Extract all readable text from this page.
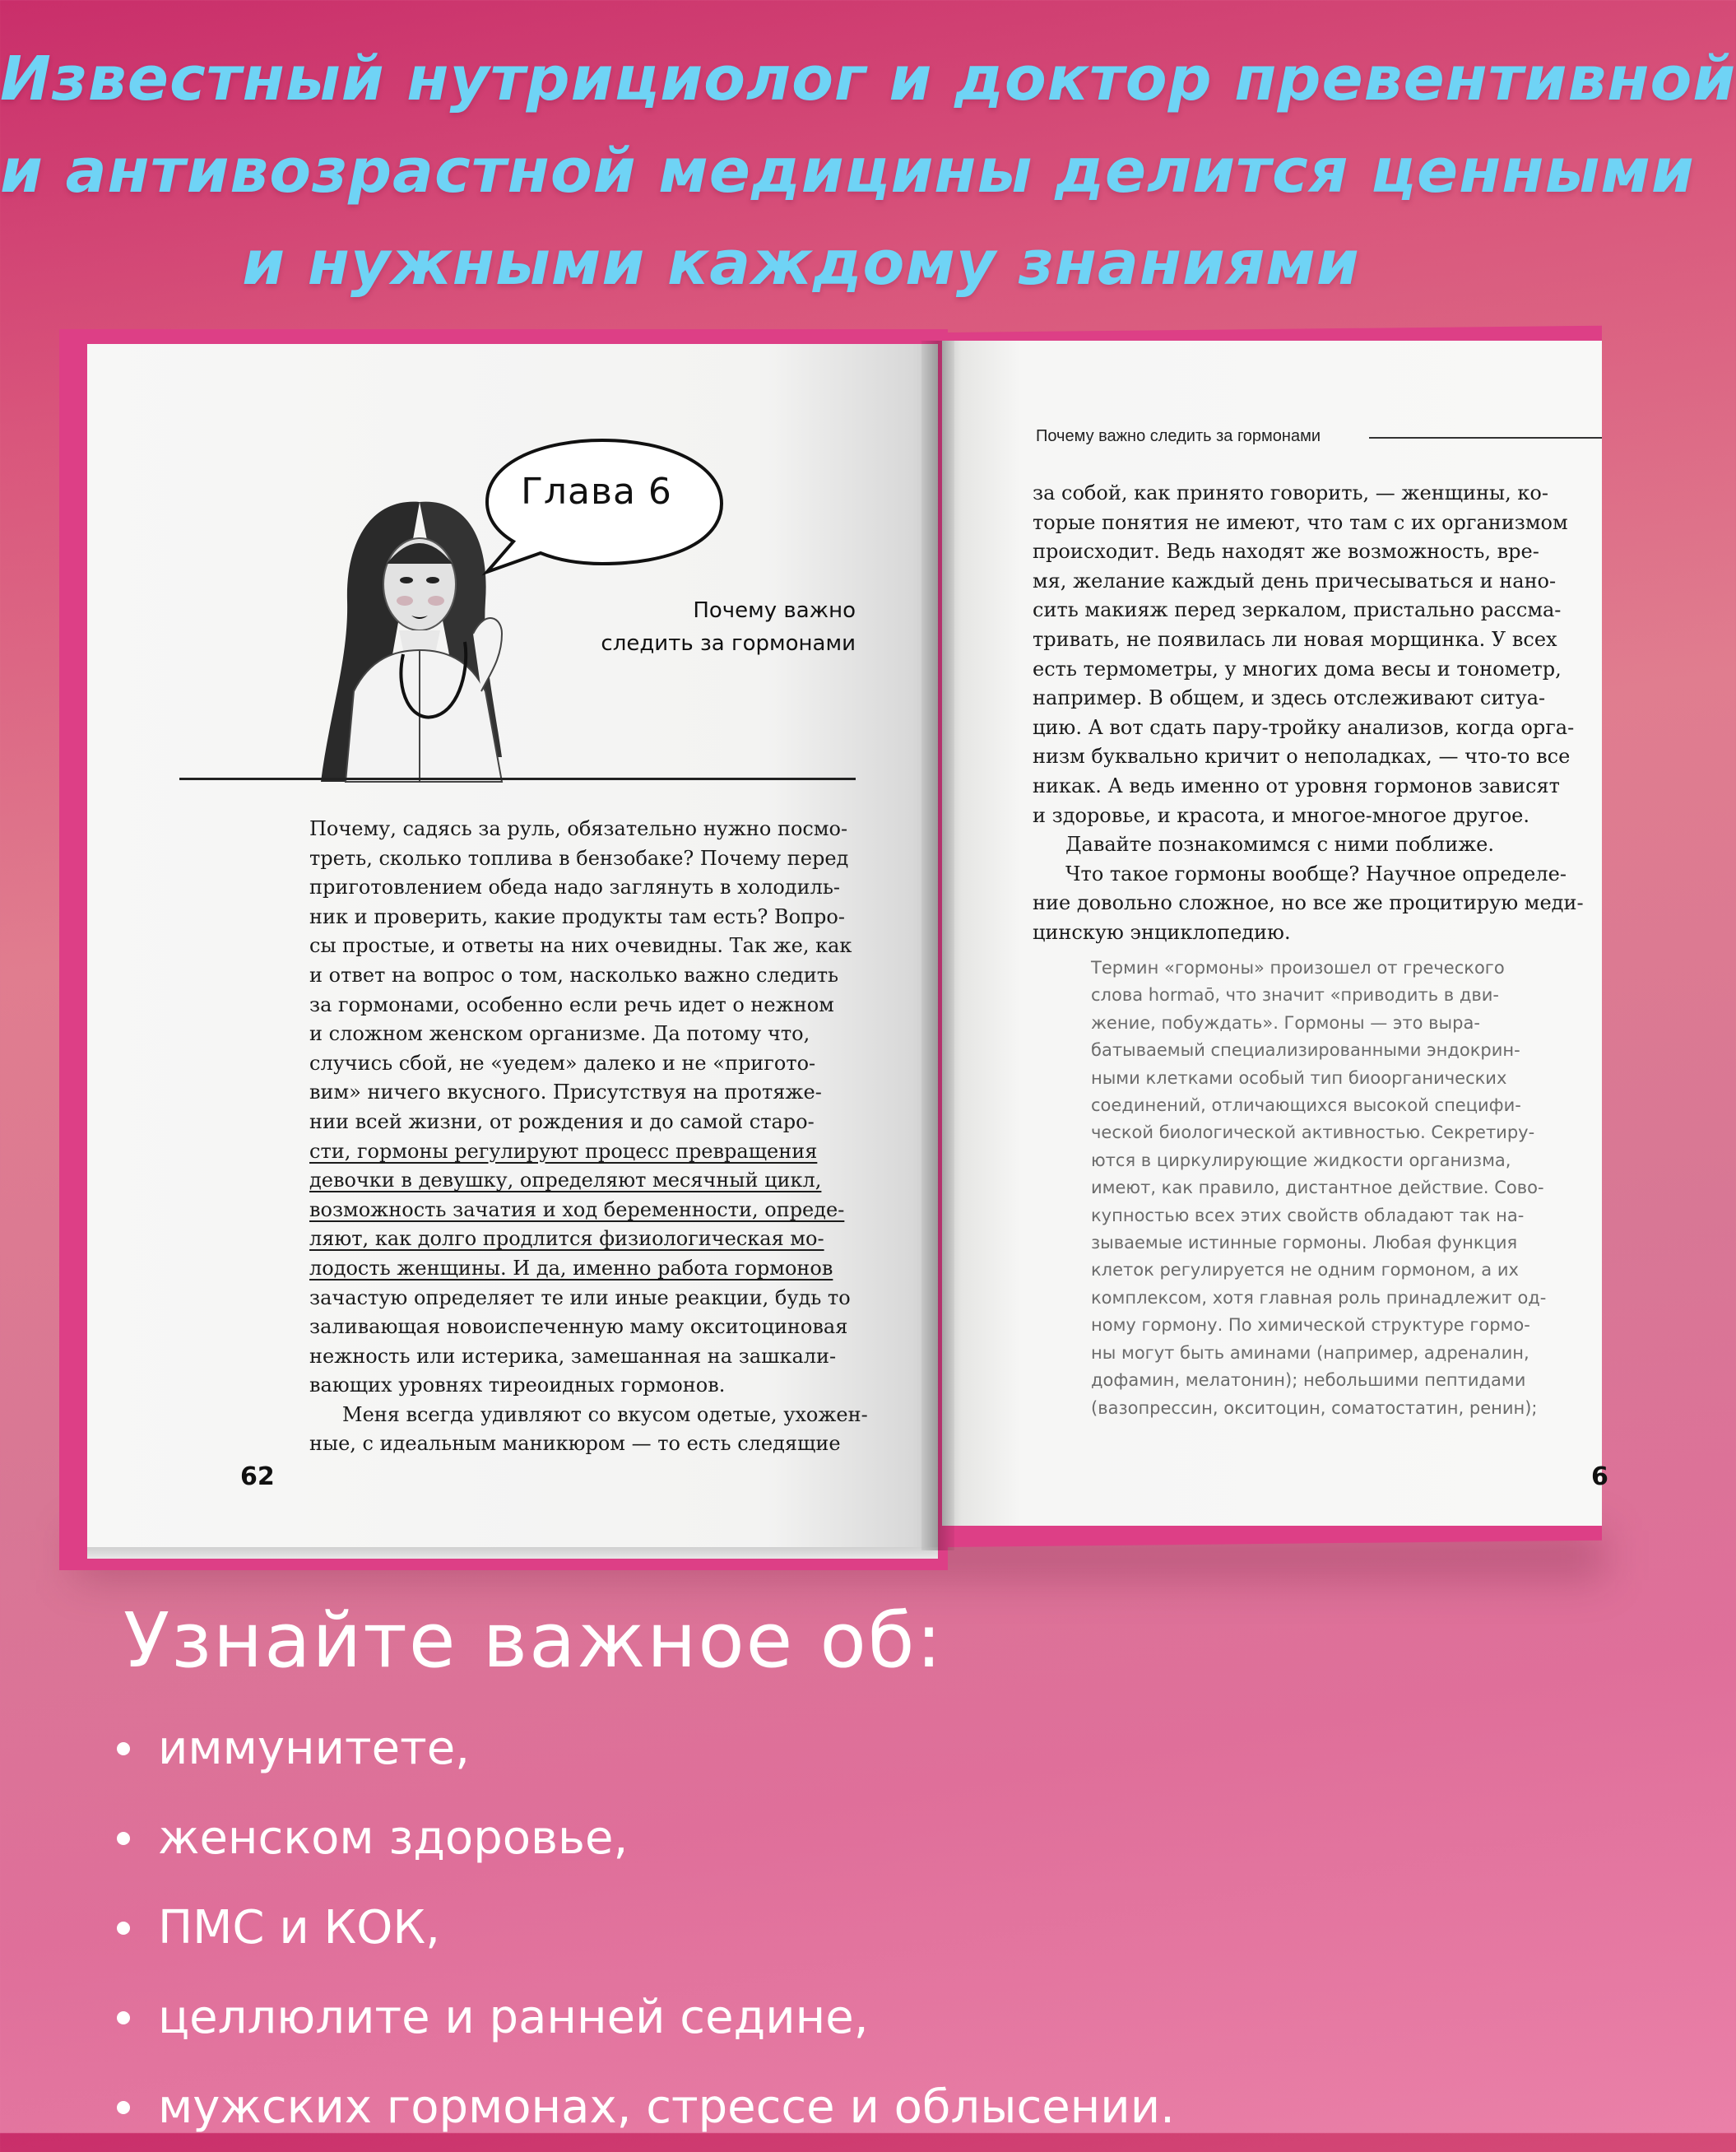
Известный нутрициолог и доктор превентивной
и антивозрастной медицины делится ценными
и нужными каждому знаниями
Глава 6
Почему важно
следить за гормонами
Почему, садясь за руль, обязательно нужно посмо-
треть, сколько топлива в бензобаке? Почему перед
приготовлением обеда надо заглянуть в холодиль-
ник и проверить, какие продукты там есть? Вопро-
сы простые, и ответы на них очевидны. Так же, как
и ответ на вопрос о том, насколько важно следить
за гормонами, особенно если речь идет о нежном
и сложном женском организме. Да потому что,
случись сбой, не «уедем» далеко и не «пригото-
вим» ничего вкусного. Присутствуя на протяже-
нии всей жизни, от рождения и до самой старо-
сти, гормоны регулируют процесс превращения
девочки в девушку, определяют месячный цикл,
возможность зачатия и ход беременности, опреде-
ляют, как долго продлится физиологическая мо-
лодость женщины. И да, именно работа гормонов
зачастую определяет те или иные реакции, будь то
заливающая новоиспеченную маму окситоциновая
нежность или истерика, замешанная на зашкали-
вающих уровнях тиреоидных гормонов.
Меня всегда удивляют со вкусом одетые, ухожен-
ные, с идеальным маникюром — то есть следящие
62
Почему важно следить за гормонами
за собой, как принято говорить, — женщины, ко-
торые понятия не имеют, что там с их организмом
происходит. Ведь находят же возможность, вре-
мя, желание каждый день причесываться и нано-
сить макияж перед зеркалом, пристально рассма-
тривать, не появилась ли новая морщинка. У всех
есть термометры, у многих дома весы и тонометр,
например. В общем, и здесь отслеживают ситуа-
цию. А вот сдать пару-тройку анализов, когда орга-
низм буквально кричит о неполадках, — что-то все
никак. А ведь именно от уровня гормонов зависят
и здоровье, и красота, и многое-многое другое.
Давайте познакомимся с ними поближе.
Что такое гормоны вообще? Научное определе-
ние довольно сложное, но все же процитирую меди-
цинскую энциклопедию.
Термин «гормоны» произошел от греческого
слова hormaō, что значит «приводить в дви-
жение, побуждать». Гормоны — это выра-
батываемый специализированными эндокрин-
ными клетками особый тип биоорганических
соединений, отличающихся высокой специфи-
ческой биологической активностью. Секретиру-
ются в циркулирующие жидкости организма,
имеют, как правило, дистантное действие. Сово-
купностью всех этих свойств обладают так на-
зываемые истинные гормоны. Любая функция
клеток регулируется не одним гормоном, а их
комплексом, хотя главная роль принадлежит од-
ному гормону. По химической структуре гормо-
ны могут быть аминами (например, адреналин,
дофамин, мелатонин); небольшими пептидами
(вазопрессин, окситоцин, соматостатин, ренин);
6
Узнайте важное об:
иммунитете,
женском здоровье,
ПМС и КОК,
целлюлите и ранней седине,
мужских гормонах, стрессе и облысении.
